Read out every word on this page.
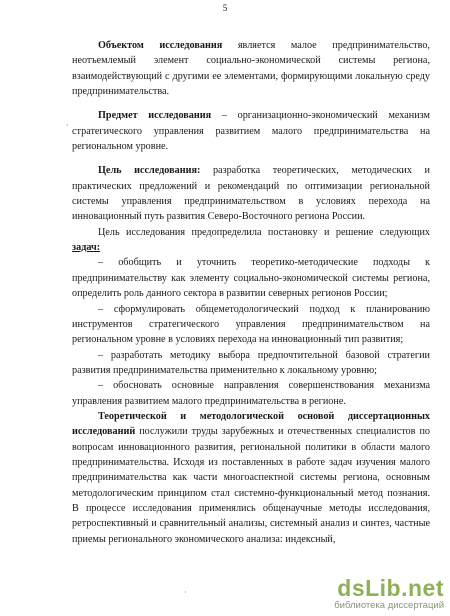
5

Объектом исследования является малое предпринимательство, неотъемлемый элемент социально-экономической системы региона, взаимодействующий с другими ее элементами, формирующими локальную среду предпринимательства.

Предмет исследования – организационно-экономический механизм стратегического управления развитием малого предпринимательства на региональном уровне.

Цель исследования: разработка теоретических, методических и практических предложений и рекомендаций по оптимизации региональной системы управления предпринимательством в условиях перехода на инновационный путь развития Северо-Восточного региона России.

Цель исследования предопределила постановку и решение следующих задач:

– обобщить и уточнить теоретико-методические подходы к предпринимательству как элементу социально-экономической системы региона, определить роль данного сектора в развитии северных регионов России;

– сформулировать общеметодологический подход к планированию инструментов стратегического управления предпринимательством на региональном уровне в условиях перехода на инновационный тип развития;

– разработать методику выбора предпочтительной базовой стратегии развития предпринимательства применительно к локальному уровню;

– обосновать основные направления совершенствования механизма управления развитием малого предпринимательства в регионе.

Теоретической и методологической основой диссертационных исследований послужили труды зарубежных и отечественных специалистов по вопросам инновационного развития, региональной политики в области малого предпринимательства. Исходя из поставленных в работе задач изучения малого предпринимательства как части многоаспектной системы региона, основным методологическим принципом стал системно-функциональный метод познания. В процессе исследования применялись общенаучные методы исследования, ретроспективный и сравнительный анализы, системный анализ и синтез, частные приемы регионального экономического анализа: индексный,

·
·	dsLib.net
библиотека диссертаций
